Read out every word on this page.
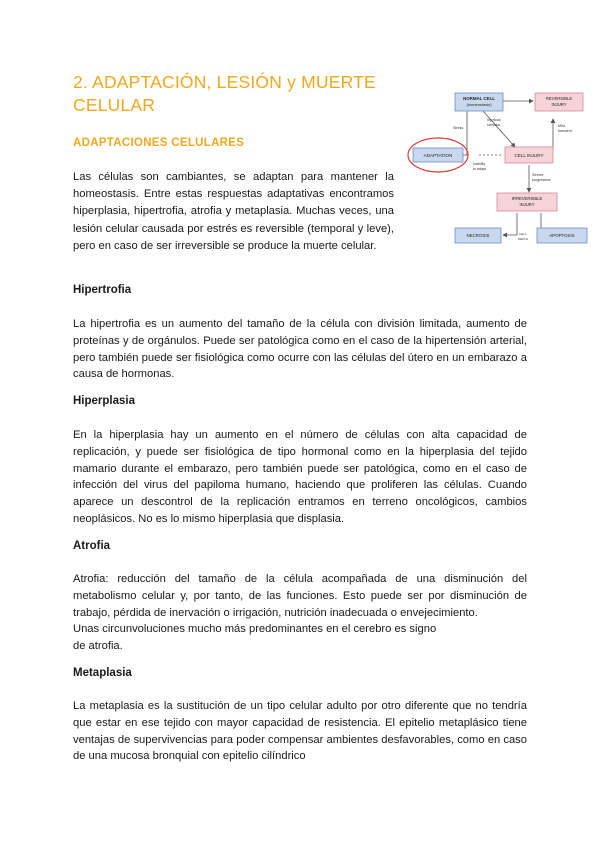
2. ADAPTACIÓN, LESIÓN y MUERTE CELULAR
ADAPTACIONES CELULARES

Las células son cambiantes, se adaptan para mantener la homeostasis. Entre estas respuestas adaptativas encontramos hiperplasia, hipertrofia, atrofia y metaplasia. Muchas veces, una lesión celular causada por estrés es reversible (temporal y leve), pero en caso de ser irreversible se produce la muerte celular.

NORMAL CELL
(homeostasis)
REVERSIBLE
INJURY
ADAPTATION	CELL INJURY
IRREVERSIBLE
INJURY
NECROSIS	APOPTOSIS
Stress
Injurious
stimulus	Mild,
transient
Inability
to adapt
Severe,
progressive
CELL
DEATH
Hipertrofia

La hipertrofia es un aumento del tamaño de la célula con división limitada, aumento de proteínas y de orgánulos. Puede ser patológica como en el caso de la hipertensión arterial, pero también puede ser fisiológica como ocurre con las células del útero en un embarazo a causa de hormonas.

Hiperplasia

En la hiperplasia hay un aumento en el número de células con alta capacidad de replicación, y puede ser fisiológica de tipo hormonal como en la hiperplasia del tejido mamario durante el embarazo, pero también puede ser patológica, como en el caso de infección del virus del papiloma humano, haciendo que proliferen las células. Cuando aparece un descontrol de la replicación entramos en terreno oncológicos, cambios neoplásicos. No es lo mismo hiperplasia que displasia.

Atrofia

Atrofia: reducción del tamaño de la célula acompañada de una disminución del metabolismo celular y, por tanto, de las funciones. Esto puede ser por disminución de trabajo, pérdida de inervación o irrigación, nutrición inadecuada o envejecimiento.

Unas circunvoluciones mucho más predominantes en el cerebro es signo

de atrofia.

Metaplasia

La metaplasia es la sustitución de un tipo celular adulto por otro diferente que no tendría que estar en ese tejido con mayor capacidad de resistencia. El epitelio metaplásico tiene ventajas de supervivencias para poder compensar ambientes desfavorables, como en caso de una mucosa bronquial con epitelio cilíndrico
